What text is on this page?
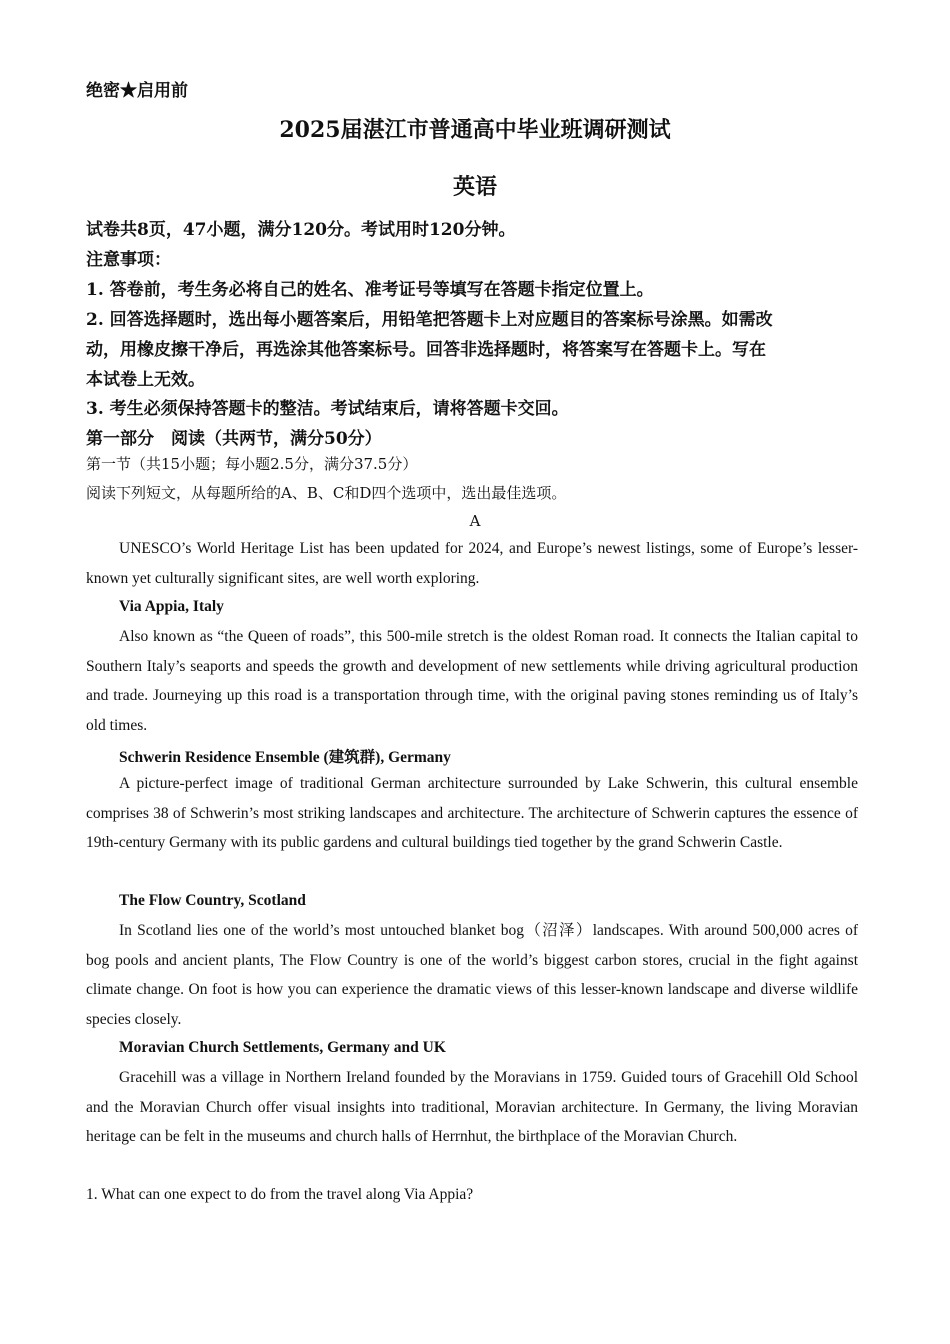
绝密★启用前
2025届湛江市普通高中毕业班调研测试
英语
试卷共8页，47小题，满分120分。考试用时120分钟。
注意事项：
1. 答卷前，考生务必将自己的姓名、准考证号等填写在答题卡指定位置上。
2. 回答选择题时，选出每小题答案后，用铅笔把答题卡上对应题目的答案标号涂黑。如需改
动，用橡皮擦干净后，再选涂其他答案标号。回答非选择题时，将答案写在答题卡上。写在
本试卷上无效。
3. 考生必须保持答题卡的整洁。考试结束后，请将答题卡交回。
第一部分　阅读（共两节，满分50分）
第一节（共15小题；每小题2.5分，满分37.5分）
阅读下列短文，从每题所给的A、B、C和D四个选项中，选出最佳选项。
A
UNESCO’s World Heritage List has been updated for 2024, and Europe’s newest listings, some of Europe’s lesser-known yet culturally significant sites, are well worth exploring.
Via Appia, Italy
Also known as “the Queen of roads”, this 500-mile stretch is the oldest Roman road. It connects the Italian capital to Southern Italy’s seaports and speeds the growth and development of new settlements while driving agricultural production and trade. Journeying up this road is a transportation through time, with the original paving stones reminding us of Italy’s old times.
Schwerin Residence Ensemble (建筑群), Germany
A picture-perfect image of traditional German architecture surrounded by Lake Schwerin, this cultural ensemble comprises 38 of Schwerin’s most striking landscapes and architecture. The architecture of Schwerin captures the essence of 19th-century Germany with its public gardens and cultural buildings tied together by the grand Schwerin Castle.
The Flow Country, Scotland
In Scotland lies one of the world’s most untouched blanket bog（沼泽）landscapes. With around 500,000 acres of bog pools and ancient plants, The Flow Country is one of the world’s biggest carbon stores, crucial in the fight against climate change. On foot is how you can experience the dramatic views of this lesser-known landscape and diverse wildlife species closely.
Moravian Church Settlements, Germany and UK
Gracehill was a village in Northern Ireland founded by the Moravians in 1759. Guided tours of Gracehill Old School and the Moravian Church offer visual insights into traditional, Moravian architecture. In Germany, the living Moravian heritage can be felt in the museums and church halls of Herrnhut, the birthplace of the Moravian Church.
1. What can one expect to do from the travel along Via Appia?
